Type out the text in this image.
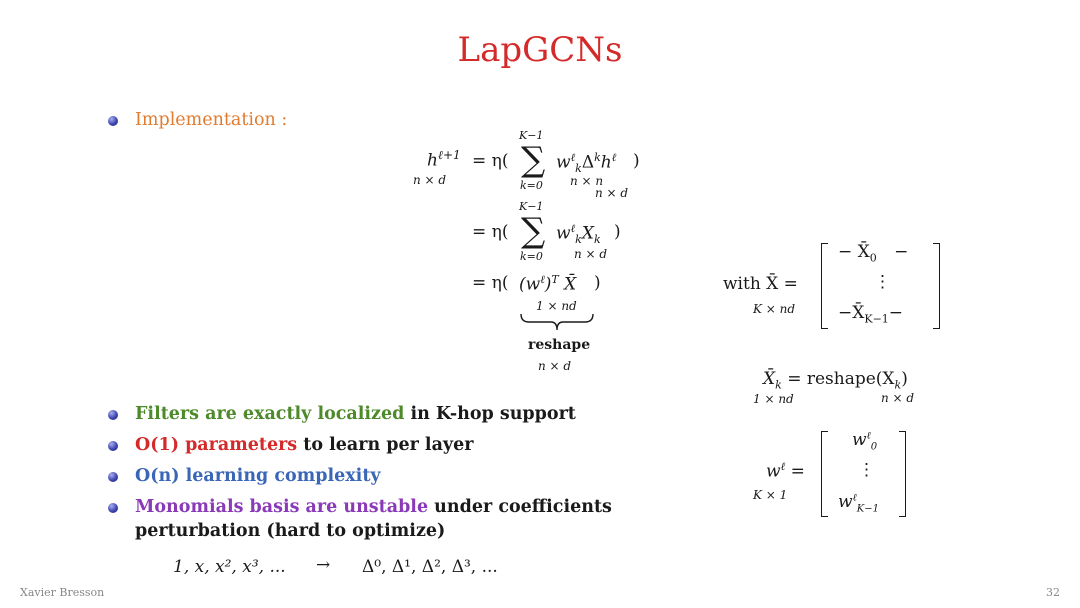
LapGCNs
Implementation :
$h^{\ell+1}$
n × d
= η(
K−1
∑
k=0
$w^\ell_k\Delta^kh^\ell$ )
n × n
n × d
= η(
K−1
∑
k=0
$w^\ell_kX_k$ )
n × d
= η( $(w^\ell)^T$ X̄ )
1 × nd
reshape
n × d
with X̄ =
K × nd
− $X̄_0$ −
⋮
$-X̄_{K-1}-$
$X̄_k$ = $reshape(X_k)$
1 × nd	n × d
$w^\ell$ =
K × 1
$w^\ell_0$
⋮
$w^\ell_{K-1}$
Filters are exactly localized in K-hop support
O(1) parameters to learn per layer
O(n) learning complexity
Monomials basis are unstable under coefficients
perturbation (hard to optimize)
1, x, x², x³, ... → Δ⁰, Δ¹, Δ², Δ³, ...
Xavier Bresson	32
